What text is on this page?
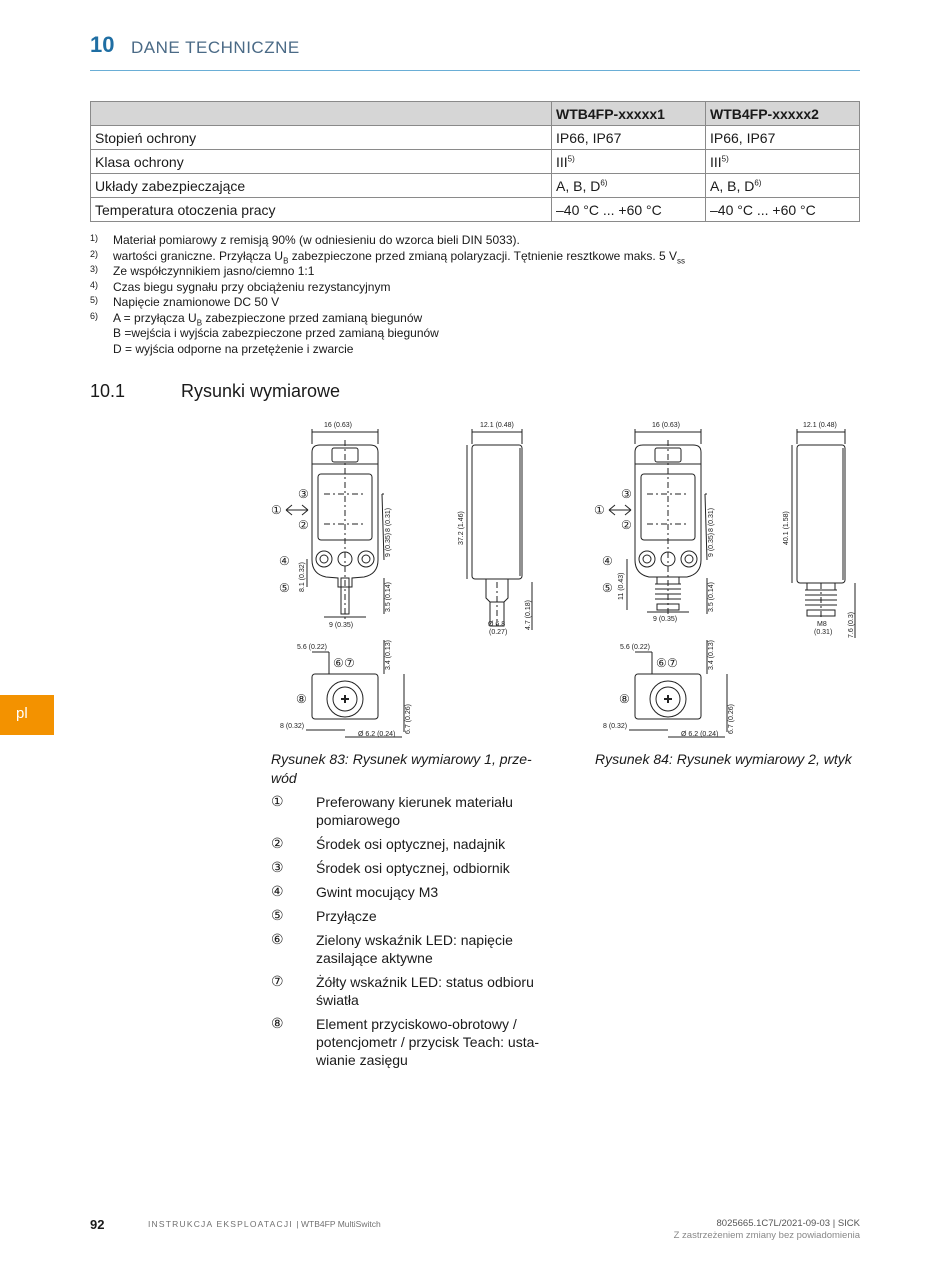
10 DANE TECHNICZNE
	WTB4FP-xxxxx1	WTB4FP-xxxxx2
Stopień ochrony	IP66, IP67	IP66, IP67
Klasa ochrony	III$^{5)}$	III$^{5)}$
Układy zabezpieczające	A, B, $D^{6)}$	A, B, $D^{6)}$
Temperatura otoczenia pracy	–40 °C ... +60 °C	–40 °C ... +60 °C
1) Materiał pomiarowy z remisją 90% (w odniesieniu do wzorca bieli DIN 5033).
2) wartości graniczne. Przyłącza $U_B$ zabezpieczone przed zmianą polaryzacji. Tętnienie resztkowe maks. 5 $V_{ss}$
3) Ze współczynnikiem jasno/ciemno 1:1
4) Czas biegu sygnału przy obciążeniu rezystancyjnym
5) Napięcie znamionowe DC 50 V
6) A = przyłącza $U_B$ zabezpieczone przed zamianą biegunów
B =wejścia i wyjścia zabezpieczone przed zamianą biegunów
D = wyjścia odporne na przetężenie i zwarcie
10.1	Rysunki wymiarowe
16 (0.63)	12.1 (0.48)
37.2 (1.46)
8 (0.31)
9 (0.35)
8.1 (0.32)
3.5 (0.14)
9 (0.35)	Ø 6.8
(0.27)
4.7 (0.18)
5.6 (0.22)	3.4 (0.13)
6.7 (0.26)
8 (0.32)
Ø 6.2 (0.24)
①
②
③
④
⑤
⑥ ⑦
⑧
16 (0.63)	12.1 (0.48)
40.1 (1.58)
8 (0.31)
9 (0.35)
11 (0.43)	3.5 (0.14)
9 (0.35)
M8
(0.31) 7.6 (0.3)
5.6 (0.22)	3.4 (0.13)
6.7 (0.26)
8 (0.32)
Ø 6.2 (0.24)
①
②
③
④
⑤
⑥ ⑦
⑧
Rysunek 83: Rysunek wymiarowy 1, prze-
wód
Rysunek 84: Rysunek wymiarowy 2, wtyk
①	Preferowany kierunek materiału pomiarowego
②	Środek osi optycznej, nadajnik
③	Środek osi optycznej, odbiornik
④	Gwint mocujący M3
⑤	Przyłącze
⑥	Zielony wskaźnik LED: napięcie zasilające aktywne
⑦	Żółty wskaźnik LED: status odbioru światła
⑧	Element przyciskowo-obrotowy / potencjometr / przycisk Teach: ustawianie zasięgu
pl
92	INSTRUKCJA EKSPLOATACJI | WTB4FP MultiSwitch	8025665.1C7L/2021-09-03 | SICK
Z zastrzeżeniem zmiany bez powiadomienia
